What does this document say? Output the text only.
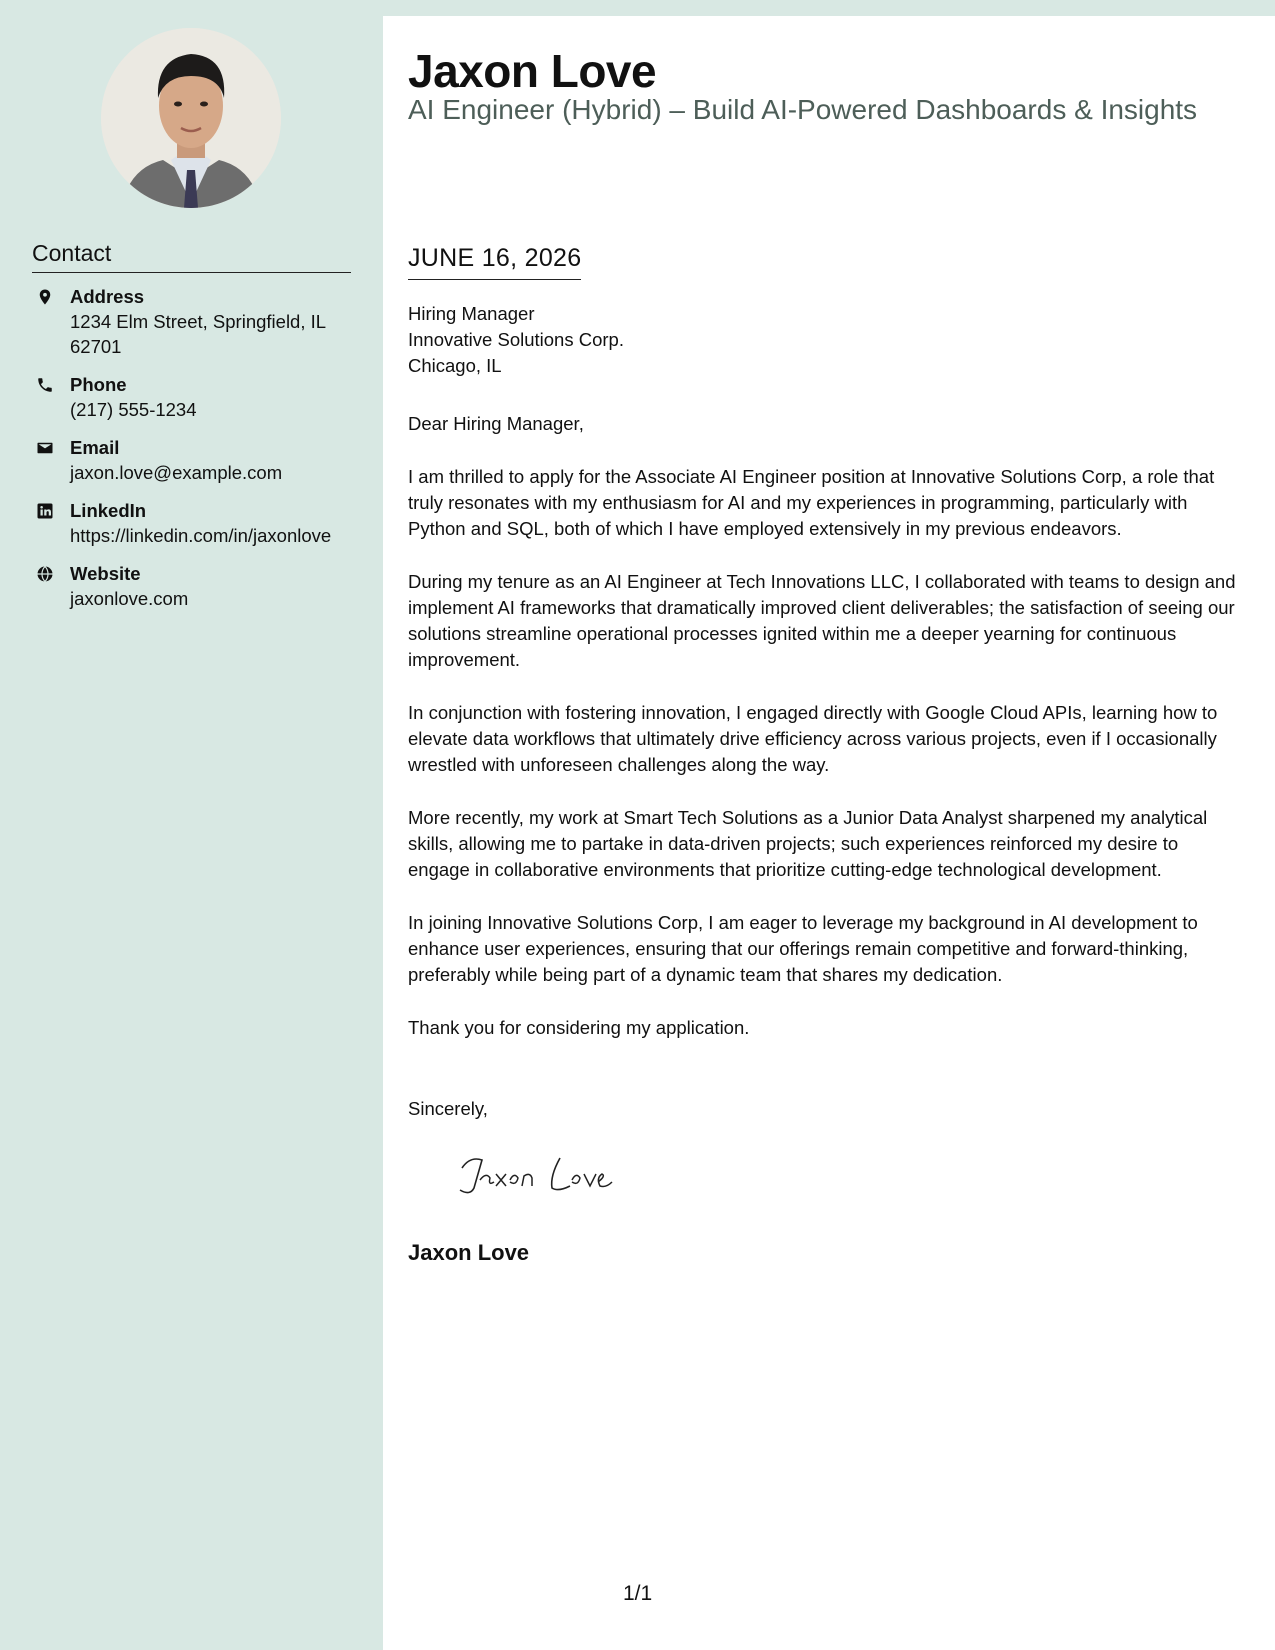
Contact
Address
1234 Elm Street, Springfield, IL 62701
Phone
(217) 555-1234
Email
jaxon.love@example.com
LinkedIn
https://linkedin.com/in/jaxonlove
Website
jaxonlove.com
Jaxon Love
AI Engineer (Hybrid) – Build AI-Powered Dashboards & Insights
JUNE 16, 2026
Hiring Manager
Innovative Solutions Corp.
Chicago, IL

Dear Hiring Manager,

I am thrilled to apply for the Associate AI Engineer position at Innovative Solutions Corp, a role that truly resonates with my enthusiasm for AI and my experiences in programming, particularly with Python and SQL, both of which I have employed extensively in my previous endeavors.

During my tenure as an AI Engineer at Tech Innovations LLC, I collaborated with teams to design and implement AI frameworks that dramatically improved client deliverables; the satisfaction of seeing our solutions streamline operational processes ignited within me a deeper yearning for continuous improvement.

In conjunction with fostering innovation, I engaged directly with Google Cloud APIs, learning how to elevate data workflows that ultimately drive efficiency across various projects, even if I occasionally wrestled with unforeseen challenges along the way.

More recently, my work at Smart Tech Solutions as a Junior Data Analyst sharpened my analytical skills, allowing me to partake in data-driven projects; such experiences reinforced my desire to engage in collaborative environments that prioritize cutting-edge technological development.

In joining Innovative Solutions Corp, I am eager to leverage my background in AI development to enhance user experiences, ensuring that our offerings remain competitive and forward-thinking, preferably while being part of a dynamic team that shares my dedication.

Thank you for considering my application.

Sincerely,
Jaxon Love
1/1
